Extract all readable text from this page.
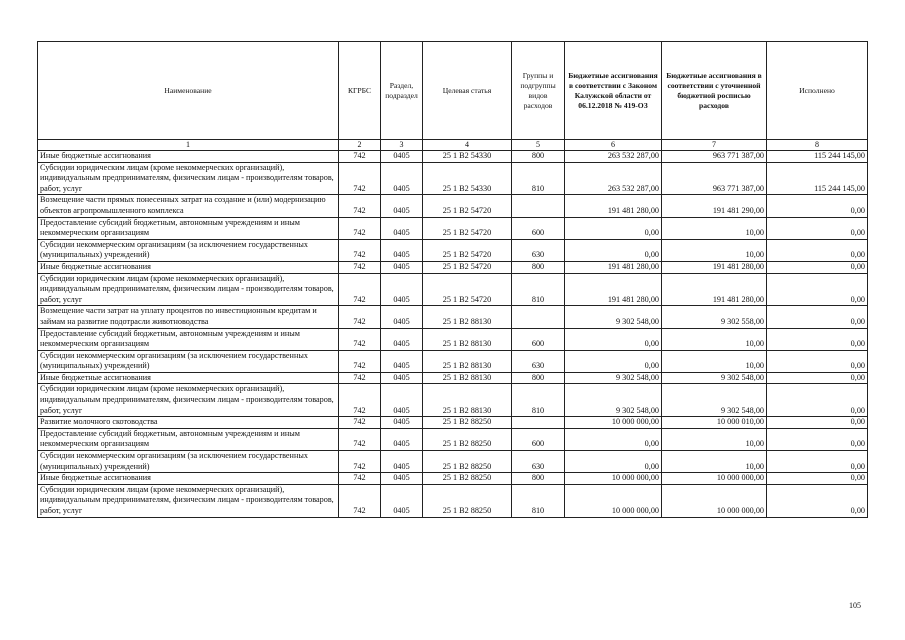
Наименование	КГРБС	Раздел, подраздел	Целевая статья	Группы и подгруппы видов расходов	Бюджетные ассигнования в соответствии с Законом Калужской области от 06.12.2018 № 419-ОЗ	Бюджетные ассигнования в соответствии с уточненной бюджетной росписью расходов	Исполнено
1	2	3	4	5	6	7	8
Иные бюджетные ассигнования	742	0405	25 1 В2 54330	800	263 532 287,00	963 771 387,00	115 244 145,00
Субсидии юридическим лицам (кроме некоммерческих организаций), индивидуальным предпринимателям, физическим лицам - производителям товаров, работ, услуг	742	0405	25 1 В2 54330	810	263 532 287,00	963 771 387,00	115 244 145,00
Возмещение части прямых понесенных затрат на создание и (или) модернизацию объектов агропромышленного комплекса	742	0405	25 1 В2 54720		191 481 280,00	191 481 290,00	0,00
Предоставление субсидий бюджетным, автономным учреждениям и иным некоммерческим организациям	742	0405	25 1 В2 54720	600	0,00	10,00	0,00
Субсидии некоммерческим организациям (за исключением государственных (муниципальных) учреждений)	742	0405	25 1 В2 54720	630	0,00	10,00	0,00
Иные бюджетные ассигнования	742	0405	25 1 В2 54720	800	191 481 280,00	191 481 280,00	0,00
Субсидии юридическим лицам (кроме некоммерческих организаций), индивидуальным предпринимателям, физическим лицам - производителям товаров, работ, услуг	742	0405	25 1 В2 54720	810	191 481 280,00	191 481 280,00	0,00
Возмещение части затрат на уплату процентов по инвестиционным кредитам и займам на развитие подотрасли животноводства	742	0405	25 1 В2 88130		9 302 548,00	9 302 558,00	0,00
Предоставление субсидий бюджетным, автономным учреждениям и иным некоммерческим организациям	742	0405	25 1 В2 88130	600	0,00	10,00	0,00
Субсидии некоммерческим организациям (за исключением государственных (муниципальных) учреждений)	742	0405	25 1 В2 88130	630	0,00	10,00	0,00
Иные бюджетные ассигнования	742	0405	25 1 В2 88130	800	9 302 548,00	9 302 548,00	0,00
Субсидии юридическим лицам (кроме некоммерческих организаций), индивидуальным предпринимателям, физическим лицам - производителям товаров, работ, услуг	742	0405	25 1 В2 88130	810	9 302 548,00	9 302 548,00	0,00
Развитие молочного скотоводства	742	0405	25 1 В2 88250		10 000 000,00	10 000 010,00	0,00
Предоставление субсидий бюджетным, автономным учреждениям и иным некоммерческим организациям	742	0405	25 1 В2 88250	600	0,00	10,00	0,00
Субсидии некоммерческим организациям (за исключением государственных (муниципальных) учреждений)	742	0405	25 1 В2 88250	630	0,00	10,00	0,00
Иные бюджетные ассигнования	742	0405	25 1 В2 88250	800	10 000 000,00	10 000 000,00	0,00
Субсидии юридическим лицам (кроме некоммерческих организаций), индивидуальным предпринимателям, физическим лицам - производителям товаров, работ, услуг	742	0405	25 1 В2 88250	810	10 000 000,00	10 000 000,00	0,00
105
